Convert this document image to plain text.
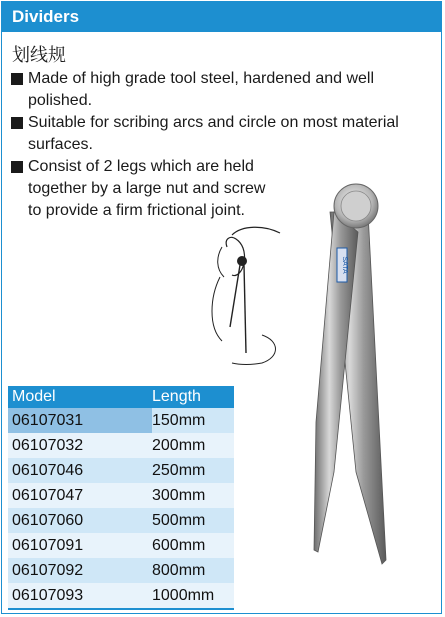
Dividers
划线规
Made of high grade tool steel, hardened and well polished.
Suitable for scribing arcs and circle on most material surfaces.
Consist of 2 legs which are held together by a large nut and screw to provide a firm frictional joint.
SATA
Model	Length
06107031	150mm
06107032	200mm
06107046	250mm
06107047	300mm
06107060	500mm
06107091	600mm
06107092	800mm
06107093	1000mm
